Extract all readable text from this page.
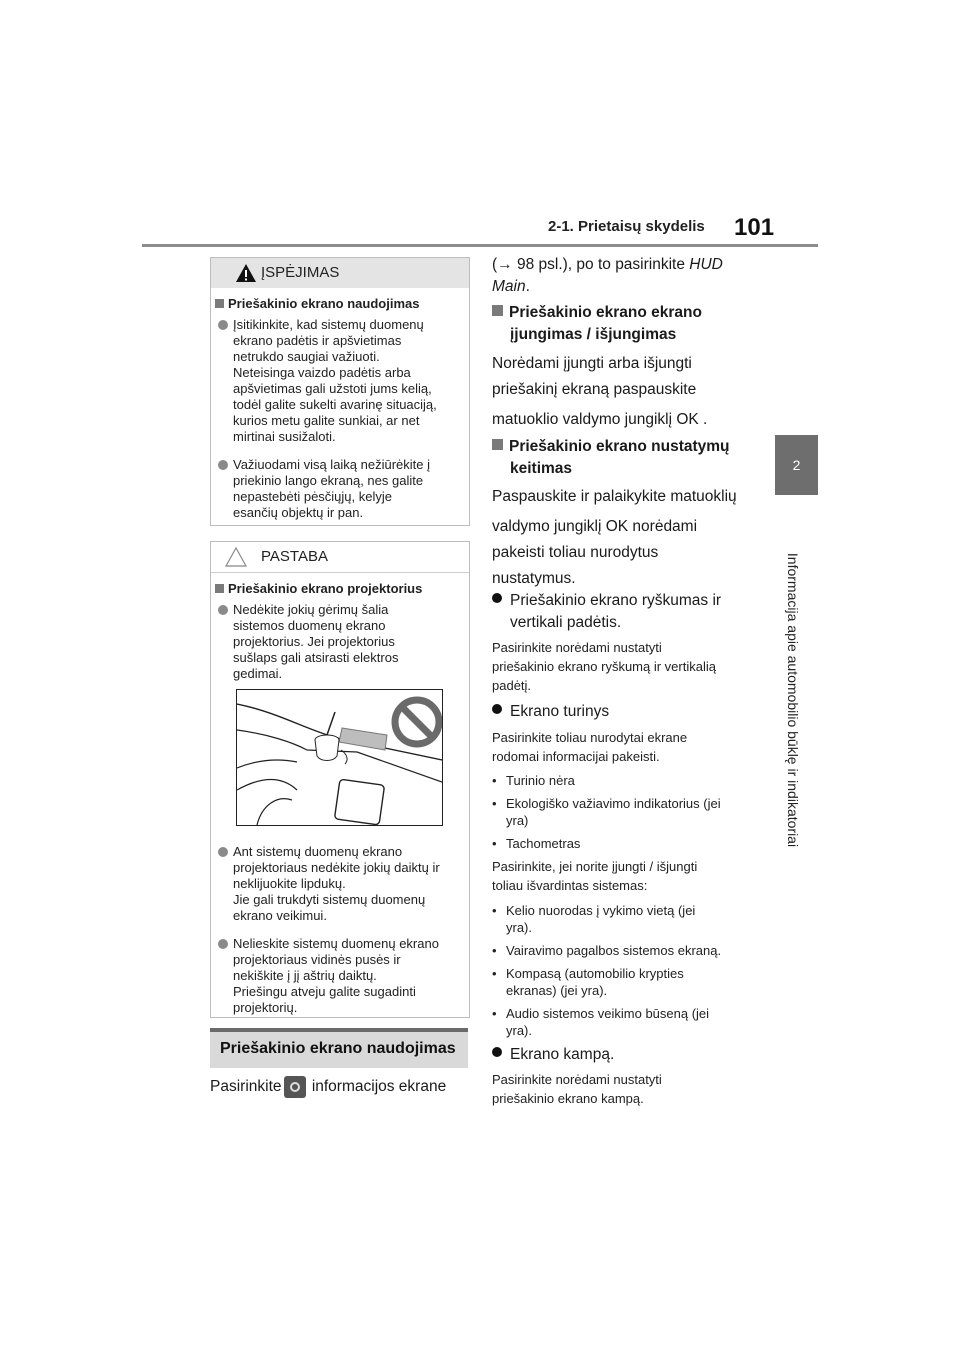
2-1. Prietaisų skydelis 101
2
Informacija apie automobilio būklę ir indikatoriai
ĮSPĖJIMAS
Priešakinio ekrano naudojimas

Įsitikinkite, kad sistemų duomenų

ekrano padėtis ir apšvietimas

netrukdo saugiai važiuoti.

Neteisinga vaizdo padėtis arba

apšvietimas gali užstoti jums kelią,

todėl galite sukelti avarinę situaciją,

kurios metu galite sunkiai, ar net

mirtinai susižaloti.

Važiuodami visą laiką nežiūrėkite į

priekinio lango ekraną, nes galite

nepastebėti pėsčiųjų, kelyje

esančių objektų ir pan.

PASTABA
Priešakinio ekrano projektorius

Nedėkite jokių gėrimų šalia

sistemos duomenų ekrano

projektorius. Jei projektorius

sušlaps gali atsirasti elektros

gedimai.

Ant sistemų duomenų ekrano

projektoriaus nedėkite jokių daiktų ir

neklijuokite lipdukų.

Jie gali trukdyti sistemų duomenų

ekrano veikimui.

Nelieskite sistemų duomenų ekrano

projektoriaus vidinės pusės ir

nekiškite į jį aštrių daiktų.

Priešingu atveju galite sugadinti

projektorių.

Priešakinio ekrano naudojimas
Pasirinkite informacijos ekrane
(→ 98 psl.), po to pasirinkite HUD
Main.
Priešakinio ekrano ekrano
įjungimas / išjungimas
Norėdami įjungti arba išjungti
priešakinį ekraną paspauskite
matuoklio valdymo jungiklį OK .
Priešakinio ekrano nustatymų
keitimas
Paspauskite ir palaikykite matuoklių
valdymo jungiklį OK norėdami
pakeisti toliau nurodytus
nustatymus.
Priešakinio ekrano ryškumas ir
vertikali padėtis.
Pasirinkite norėdami nustatyti
priešakinio ekrano ryškumą ir vertikalią
padėtį.
Ekrano turinys
Pasirinkite toliau nurodytai ekrane
rodomai informacijai pakeisti.
• Turinio nėra
• Ekologiško važiavimo indikatorius (jei
yra)
• Tachometras
Pasirinkite, jei norite įjungti / išjungti
toliau išvardintas sistemas:
• Kelio nuorodas į vykimo vietą (jei
yra).
• Vairavimo pagalbos sistemos ekraną.
• Kompasą (automobilio krypties
ekranas) (jei yra).
• Audio sistemos veikimo būseną (jei
yra).
Ekrano kampą.
Pasirinkite norėdami nustatyti
priešakinio ekrano kampą.
